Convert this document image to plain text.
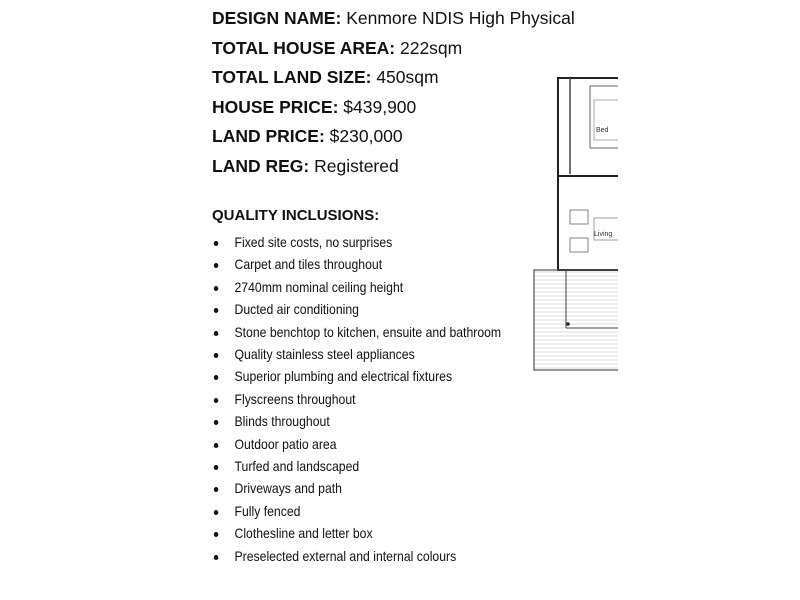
DESIGN NAME: Kenmore NDIS High Physical
TOTAL HOUSE AREA: 222sqm
TOTAL LAND SIZE: 450sqm
HOUSE PRICE: $439,900
LAND PRICE: $230,000
LAND REG: Registered
QUALITY INCLUSIONS:
Fixed site costs, no surprises
Carpet and tiles throughout
2740mm nominal ceiling height
Ducted air conditioning
Stone benchtop to kitchen, ensuite and bathroom
Quality stainless steel appliances
Superior plumbing and electrical fixtures
Flyscreens throughout
Blinds throughout
Outdoor patio area
Turfed and landscaped
Driveways and path
Fully fenced
Clothesline and letter box
Preselected external and internal colours
Bed
Living
